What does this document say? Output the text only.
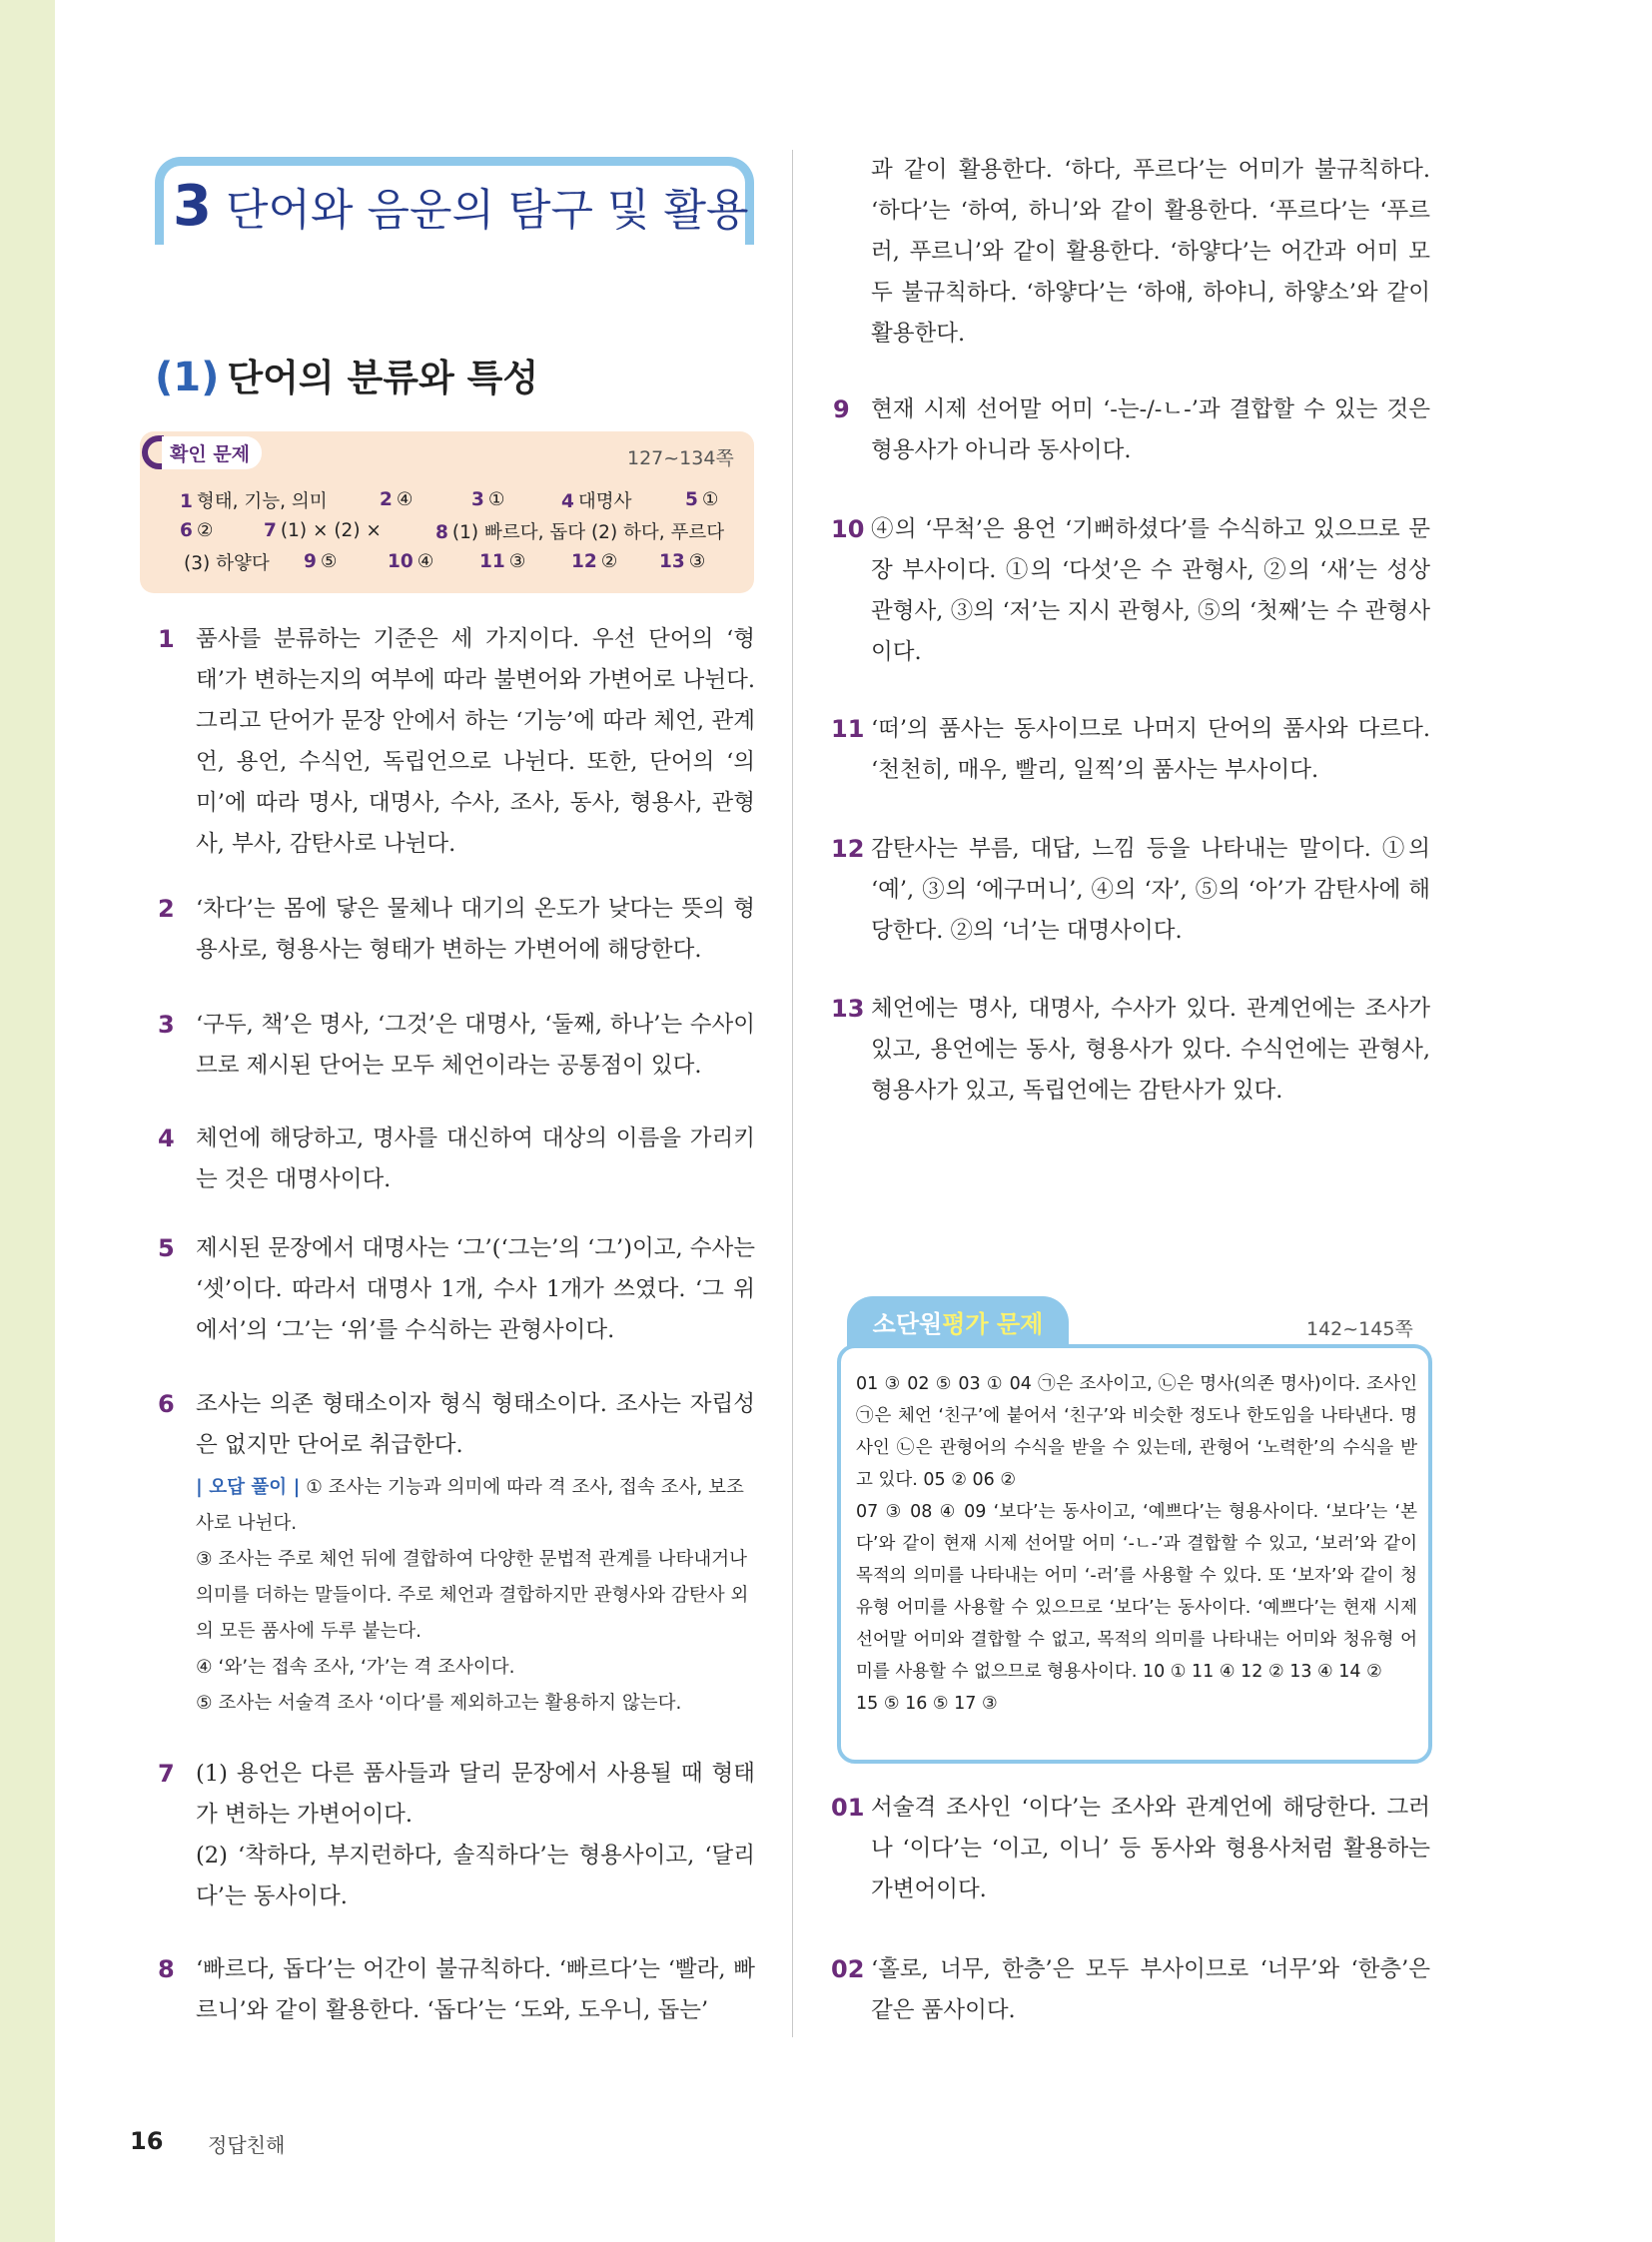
3 단어와 음운의 탐구 및 활용
(1) 단어의 분류와 특성
확인 문제	127~134쪽
1 형태, 기능, 의미	2 ④	3 ①	4 대명사	5 ①
6 ②	7 (1) × (2) ×	8 (1) 빠르다, 돕다 (2) 하다, 푸르다
(3) 하얗다	9 ⑤	10 ④	11 ③	12 ②	13 ③
1 품사를 분류하는 기준은 세 가지이다. 우선 단어의 ‘형태’가 변하는지의 여부에 따라 불변어와 가변어로 나뉜다. 그리고 단어가 문장 안에서 하는 ‘기능’에 따라 체언, 관계언, 용언, 수식언, 독립언으로 나뉜다. 또한, 단어의 ‘의미’에 따라 명사, 대명사, 수사, 조사, 동사, 형용사, 관형사, 부사, 감탄사로 나뉜다.

2 ‘차다’는 몸에 닿은 물체나 대기의 온도가 낮다는 뜻의 형용사로, 형용사는 형태가 변하는 가변어에 해당한다.

3 ‘구두, 책’은 명사, ‘그것’은 대명사, ‘둘째, 하나’는 수사이므로 제시된 단어는 모두 체언이라는 공통점이 있다.

4 체언에 해당하고, 명사를 대신하여 대상의 이름을 가리키는 것은 대명사이다.

5 제시된 문장에서 대명사는 ‘그’(‘그는’의 ‘그’)이고, 수사는 ‘셋’이다. 따라서 대명사 1개, 수사 1개가 쓰였다. ‘그 위에서’의 ‘그’는 ‘위’를 수식하는 관형사이다.

6 조사는 의존 형태소이자 형식 형태소이다. 조사는 자립성은 없지만 단어로 취급한다.

| 오답 풀이 | ① 조사는 기능과 의미에 따라 격 조사, 접속 조사, 보조사로 나뉜다.
③ 조사는 주로 체언 뒤에 결합하여 다양한 문법적 관계를 나타내거나 의미를 더하는 말들이다. 주로 체언과 결합하지만 관형사와 감탄사 외의 모든 품사에 두루 붙는다.
④ ‘와’는 접속 조사, ‘가’는 격 조사이다.
⑤ 조사는 서술격 조사 ‘이다’를 제외하고는 활용하지 않는다.
7 (1) 용언은 다른 품사들과 달리 문장에서 사용될 때 형태가 변하는 가변어이다.

(2) ‘착하다, 부지런하다, 솔직하다’는 형용사이고, ‘달리다’는 동사이다.

8 ‘빠르다, 돕다’는 어간이 불규칙하다. ‘빠르다’는 ‘빨라, 빠르니’와 같이 활용한다. ‘돕다’는 ‘도와, 도우니, 돕는’

과 같이 활용한다. ‘하다, 푸르다’는 어미가 불규칙하다. ‘하다’는 ‘하여, 하니’와 같이 활용한다. ‘푸르다’는 ‘푸르러, 푸르니’와 같이 활용한다. ‘하얗다’는 어간과 어미 모두 불규칙하다. ‘하얗다’는 ‘하얘, 하야니, 하얗소’와 같이 활용한다.

9 현재 시제 선어말 어미 ‘-는-/-ㄴ-’과 결합할 수 있는 것은 형용사가 아니라 동사이다.

10 ④의 ‘무척’은 용언 ‘기뻐하셨다’를 수식하고 있으므로 문장 부사이다. ①의 ‘다섯’은 수 관형사, ②의 ‘새’는 성상 관형사, ③의 ‘저’는 지시 관형사, ⑤의 ‘첫째’는 수 관형사이다.

11 ‘떠’의 품사는 동사이므로 나머지 단어의 품사와 다르다. ‘천천히, 매우, 빨리, 일찍’의 품사는 부사이다.

12 감탄사는 부름, 대답, 느낌 등을 나타내는 말이다. ①의 ‘예’, ③의 ‘에구머니’, ④의 ‘자’, ⑤의 ‘아’가 감탄사에 해당한다. ②의 ‘너’는 대명사이다.

13 체언에는 명사, 대명사, 수사가 있다. 관계언에는 조사가 있고, 용언에는 동사, 형용사가 있다. 수식언에는 관형사, 형용사가 있고, 독립언에는 감탄사가 있다.

소단원 평가 문제	142~145쪽

01 ③ 02 ⑤ 03 ① 04 ㉠은 조사이고, ㉡은 명사(의존 명사)이다. 조사인 ㉠은 체언 ‘친구’에 붙어서 ‘친구’와 비슷한 정도나 한도임을 나타낸다. 명사인 ㉡은 관형어의 수식을 받을 수 있는데, 관형어 ‘노력한’의 수식을 받고 있다. 05 ② 06 ②

07 ③ 08 ④ 09 ‘보다’는 동사이고, ‘예쁘다’는 형용사이다. ‘보다’는 ‘본다’와 같이 현재 시제 선어말 어미 ‘-ㄴ-’과 결합할 수 있고, ‘보러’와 같이 목적의 의미를 나타내는 어미 ‘-러’를 사용할 수 있다. 또 ‘보자’와 같이 청유형 어미를 사용할 수 있으므로 ‘보다’는 동사이다. ‘예쁘다’는 현재 시제 선어말 어미와 결합할 수 없고, 목적의 의미를 나타내는 어미와 청유형 어미를 사용할 수 없으므로 형용사이다. 10 ① 11 ④ 12 ② 13 ④ 14 ②

15 ⑤ 16 ⑤ 17 ③

01 서술격 조사인 ‘이다’는 조사와 관계언에 해당한다. 그러나 ‘이다’는 ‘이고, 이니’ 등 동사와 형용사처럼 활용하는 가변어이다.

02 ‘홀로, 너무, 한층’은 모두 부사이므로 ‘너무’와 ‘한층’은 같은 품사이다.

16 정답친해
